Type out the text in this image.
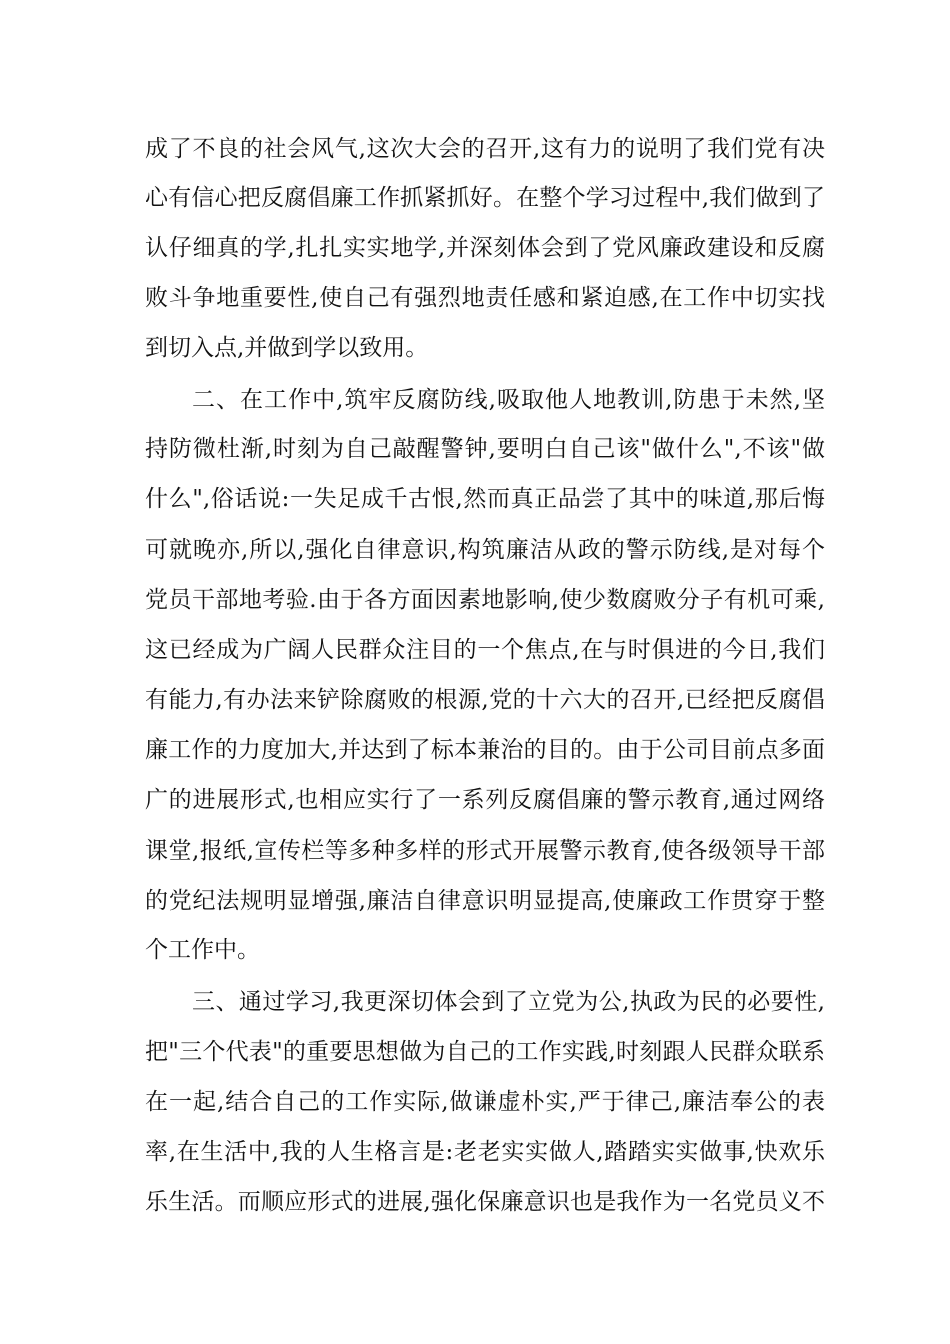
成了不良的社会风气,这次大会的召开,这有力的说明了我们党有决

心有信心把反腐倡廉工作抓紧抓好。在整个学习过程中,我们做到了

认仔细真的学,扎扎实实地学,并深刻体会到了党风廉政建设和反腐

败斗争地重要性,使自己有强烈地责任感和紧迫感,在工作中切实找

到切入点,并做到学以致用。

二、在工作中,筑牢反腐防线,吸取他人地教训,防患于未然,坚

持防微杜渐,时刻为自己敲醒警钟,要明白自己该"做什么",不该"做

什么",俗话说:一失足成千古恨,然而真正品尝了其中的味道,那后悔

可就晚亦,所以,强化自律意识,构筑廉洁从政的警示防线,是对每个

党员干部地考验.由于各方面因素地影响,使少数腐败分子有机可乘,

这已经成为广阔人民群众注目的一个焦点,在与时俱进的今日,我们

有能力,有办法来铲除腐败的根源,党的十六大的召开,已经把反腐倡

廉工作的力度加大,并达到了标本兼治的目的。由于公司目前点多面

广的进展形式,也相应实行了一系列反腐倡廉的警示教育,通过网络

课堂,报纸,宣传栏等多种多样的形式开展警示教育,使各级领导干部

的党纪法规明显增强,廉洁自律意识明显提高,使廉政工作贯穿于整

个工作中。

三、通过学习,我更深切体会到了立党为公,执政为民的必要性,

把"三个代表"的重要思想做为自己的工作实践,时刻跟人民群众联系

在一起,结合自己的工作实际,做谦虚朴实,严于律己,廉洁奉公的表

率,在生活中,我的人生格言是:老老实实做人,踏踏实实做事,快欢乐

乐生活。而顺应形式的进展,强化保廉意识也是我作为一名党员义不
